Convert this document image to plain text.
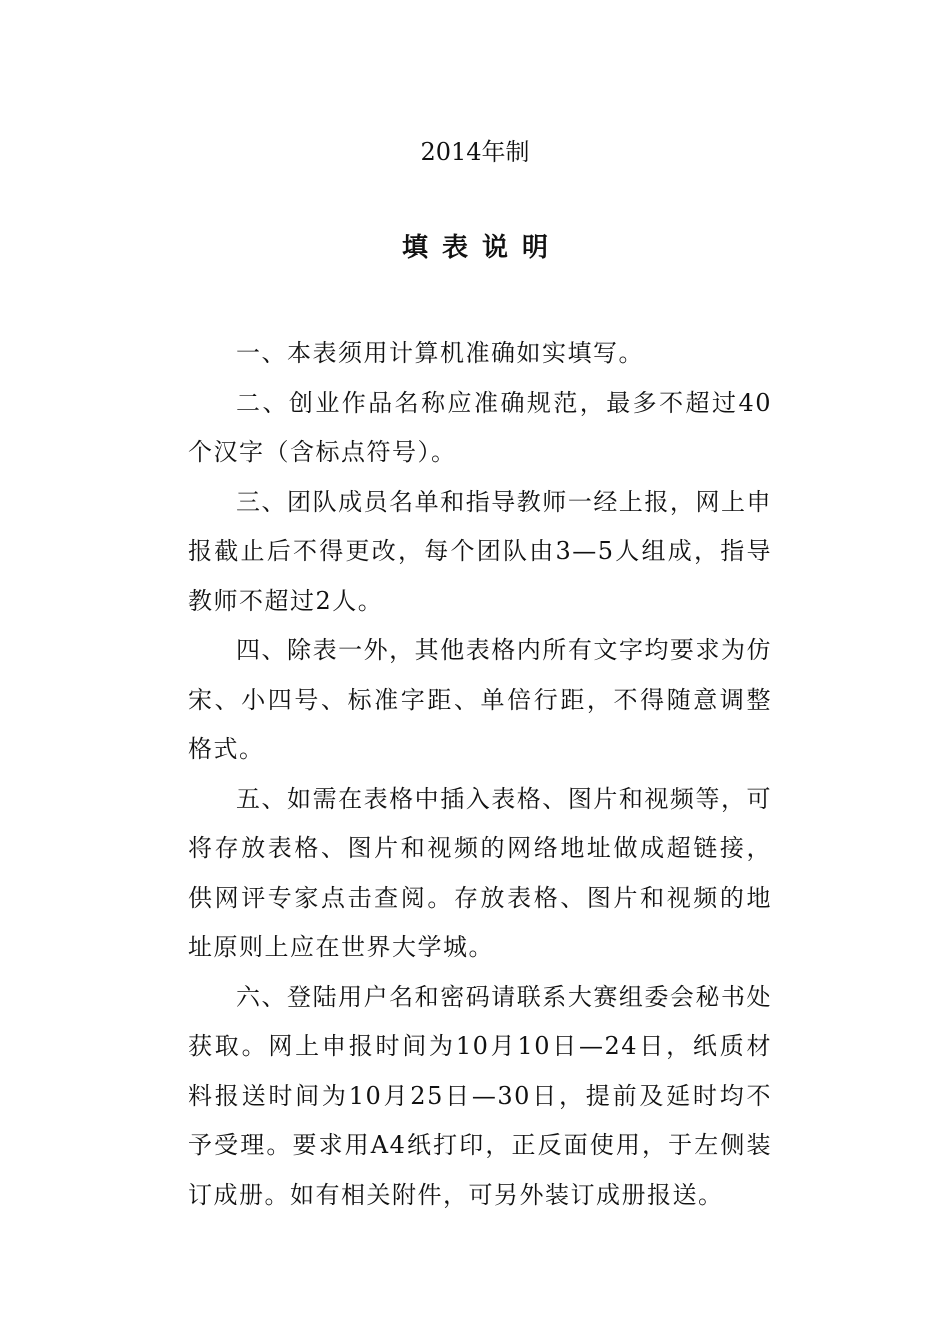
2014年制
填表说明

一、本表须用计算机准确如实填写。

二、创业作品名称应准确规范，最多不超过40个汉字（含标点符号）。

三、团队成员名单和指导教师一经上报，网上申报截止后不得更改，每个团队由3—5人组成，指导教师不超过2人。

四、除表一外，其他表格内所有文字均要求为仿宋、小四号、标准字距、单倍行距，不得随意调整格式。

五、如需在表格中插入表格、图片和视频等，可将存放表格、图片和视频的网络地址做成超链接，供网评专家点击查阅。存放表格、图片和视频的地址原则上应在世界大学城。

六、登陆用户名和密码请联系大赛组委会秘书处获取。网上申报时间为10月10日—24日，纸质材料报送时间为10月25日—30日，提前及延时均不予受理。要求用A4纸打印，正反面使用，于左侧装订成册。如有相关附件，可另外装订成册报送。
